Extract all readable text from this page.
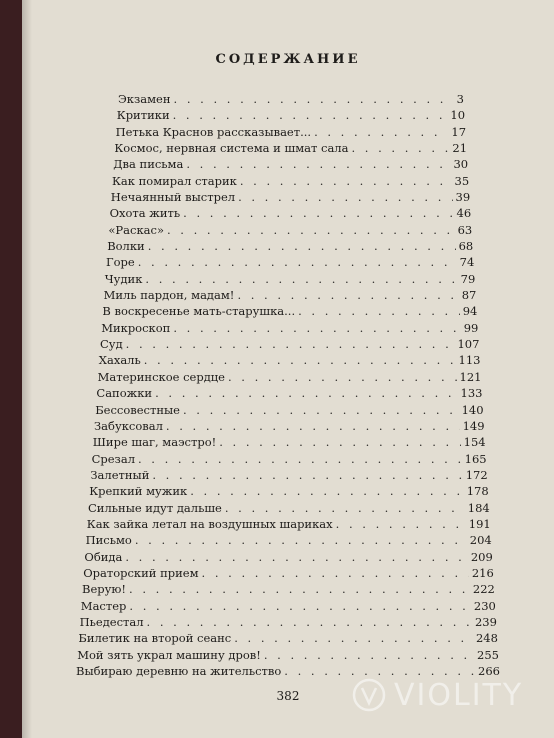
СОДЕРЖАНИЕ
Экзамен . . .	3
Критики . . .	10
Петька Краснов рассказывает... . . .	17
Космос, нервная система и шмат сала . . .	21
Два письма . . .	30
Как помирал старик . . .	35
Нечаянный выстрел . . .	39
Охота жить . . .	46
«Раскас» . . .	63
Волки . . .	68
Горе . . .	74
Чудик . . .	79
Миль пардон, мадам! . . .	87
В воскресенье мать-старушка... . . .	94
Микроскоп . . .	99
Суд . . .	107
Хахаль . . .	113
Материнское сердце . . .	121
Сапожки . . .	133
Бессовестные . . .	140
Забуксовал . . .	149
Шире шаг, маэстро! . . .	154
Срезал . . .	165
Залетный . . .	172
Крепкий мужик . . .	178
Сильные идут дальше . . .	184
Как зайка летал на воздушных шариках . . .	191
Письмо . . .	204
Обида . . .	209
Ораторский прием . . .	216
Верую! . . .	222
Мастер . . .	230
Пьедестал . . .	239
Билетик на второй сеанс . . .	248
Мой зять украл машину дров! . . .	255
Выбираю деревню на жительство . . .	266
382	VIOLITY
